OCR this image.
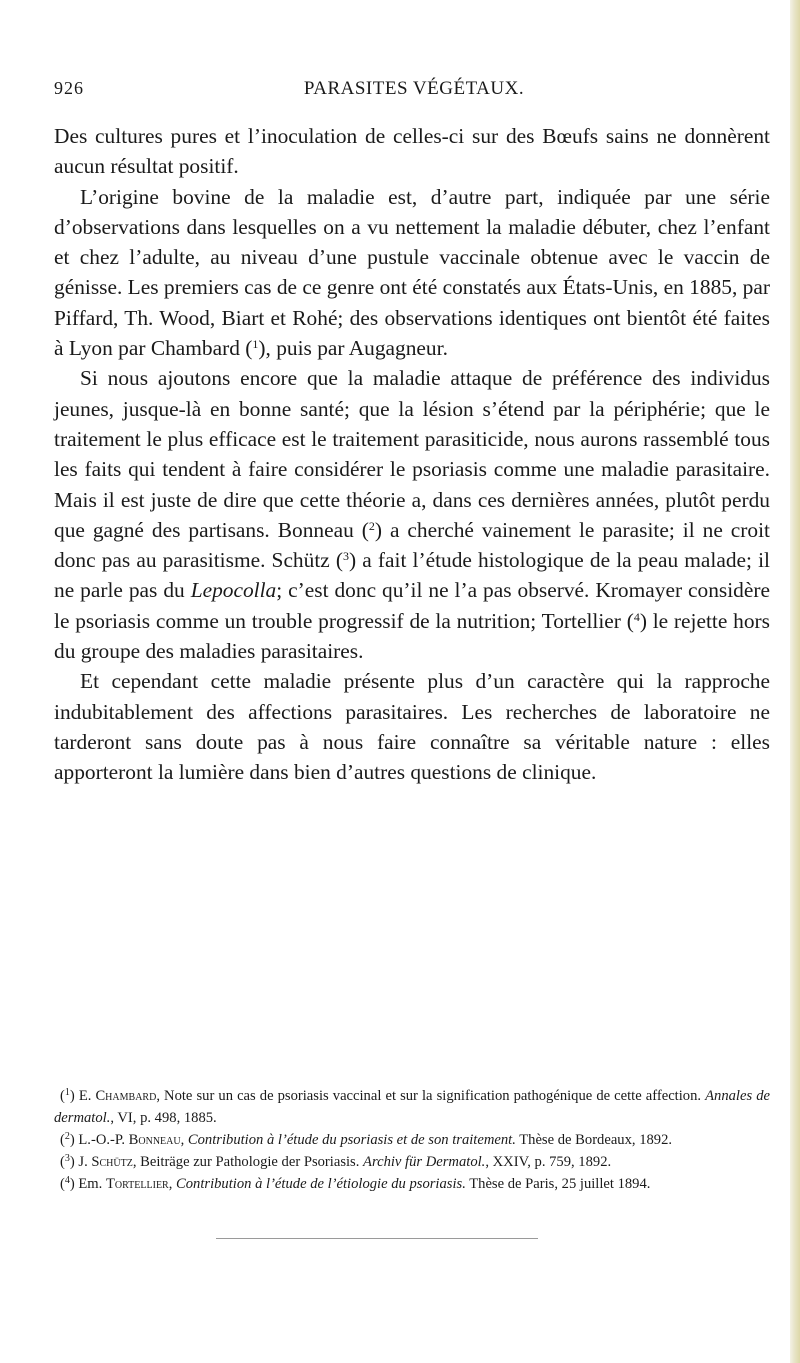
926	PARASITES VÉGÉTAUX.

Des cultures pures et l’inoculation de celles-ci sur des Bœufs sains ne donnèrent aucun résultat positif.

L’origine bovine de la maladie est, d’autre part, indiquée par une série d’observations dans lesquelles on a vu nettement la maladie débuter, chez l’enfant et chez l’adulte, au niveau d’une pustule vaccinale obtenue avec le vaccin de génisse. Les premiers cas de ce genre ont été constatés aux États-Unis, en 1885, par Piffard, Th. Wood, Biart et Rohé; des observations identiques ont bientôt été faites à Lyon par Chambard ($^1$), puis par Augagneur.

Si nous ajoutons encore que la maladie attaque de préférence des individus jeunes, jusque-là en bonne santé; que la lésion s’étend par la périphérie; que le traitement le plus efficace est le traitement parasiticide, nous aurons rassemblé tous les faits qui tendent à faire considérer le psoriasis comme une maladie parasitaire. Mais il est juste de dire que cette théorie a, dans ces dernières années, plutôt perdu que gagné des partisans. Bonneau ($^2$) a cherché vainement le parasite; il ne croit donc pas au parasitisme. Schütz ($^3$) a fait l’étude histologique de la peau malade; il ne parle pas du Lepocolla; c’est donc qu’il ne l’a pas observé. Kromayer considère le psoriasis comme un trouble progressif de la nutrition; Tortellier ($^4$) le rejette hors du groupe des maladies parasitaires.

Et cependant cette maladie présente plus d’un caractère qui la rapproche indubitablement des affections parasitaires. Les recherches de laboratoire ne tarderont sans doute pas à nous faire connaître sa véritable nature : elles apporteront la lumière dans bien d’autres questions de clinique.

($^1$) E. Chambard, Note sur un cas de psoriasis vaccinal et sur la signification pathogénique de cette affection. Annales de dermatol., VI, p. 498, 1885.

($^2$) L.-O.-P. Bonneau, Contribution à l’étude du psoriasis et de son traitement. Thèse de Bordeaux, 1892.

($^3$) J. Schütz, Beiträge zur Pathologie der Psoriasis. Archiv für Dermatol., XXIV, p. 759, 1892.

($^4$) Em. Tortellier, Contribution à l’étude de l’étiologie du psoriasis. Thèse de Paris, 25 juillet 1894.
